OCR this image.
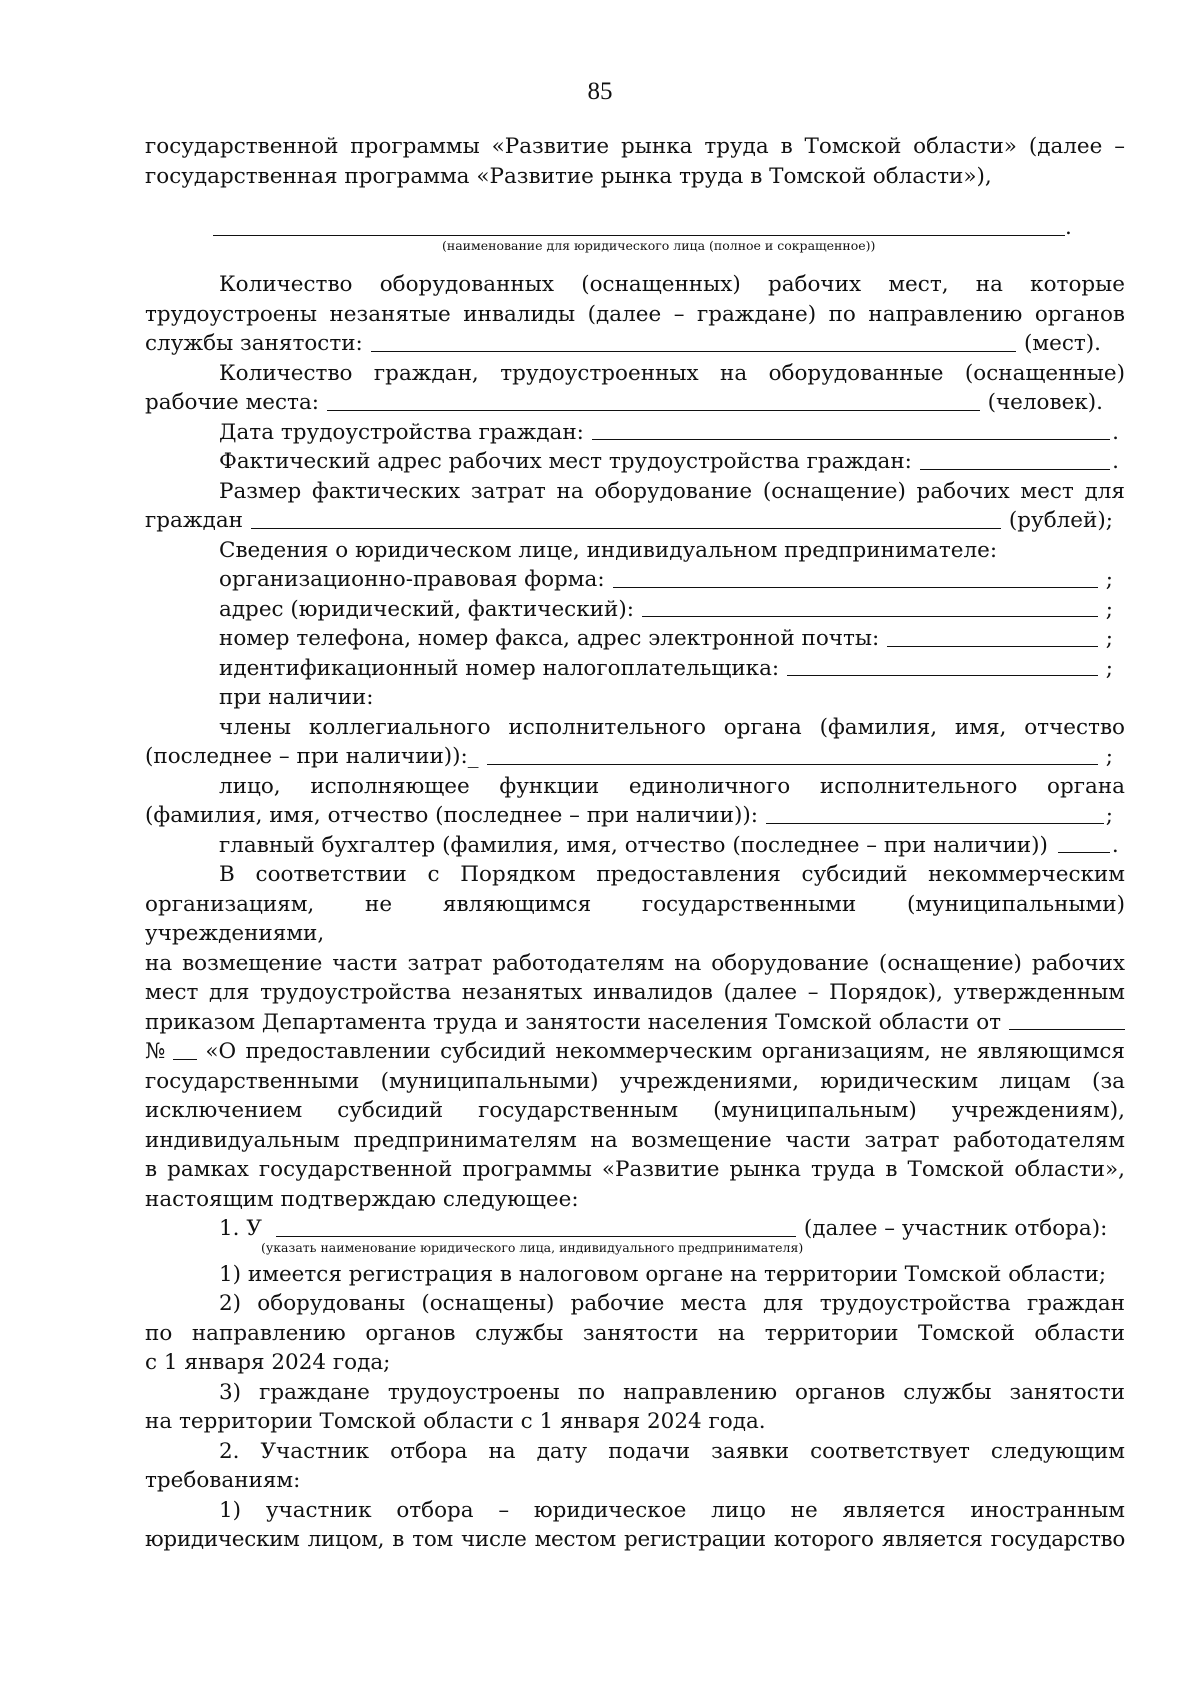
85

государственной программы «Развитие рынка труда в Томской области» (далее –

государственная программа «Развитие рынка труда в Томской области»),

.

(наименование для юридического лица (полное и сокращенное))

Количество оборудованных (оснащенных) рабочих мест, на которые

трудоустроены незанятые инвалиды (далее – граждане) по направлению органов

службы занятости:	(мест).

Количество граждан, трудоустроенных на оборудованные (оснащенные)

рабочие места:	(человек).
Дата трудоустройства граждан:	.
Фактический адрес рабочих мест трудоустройства граждан:	.

Размер фактических затрат на оборудование (оснащение) рабочих мест для

граждан	(рублей);

Сведения о юридическом лице, индивидуальном предпринимателе:

организационно-правовая форма:	;
адрес (юридический, фактический):	;
номер телефона, номер факса, адрес электронной почты:	;
идентификационный номер налогоплательщика:	;

при наличии:

члены коллегиального исполнительного органа (фамилия, имя, отчество

(последнее – при наличии)):_	;

лицо, исполняющее функции единоличного исполнительного органа

(фамилия, имя, отчество (последнее – при наличии)):	;
главный бухгалтер (фамилия, имя, отчество (последнее – при наличии))	.

В соответствии с Порядком предоставления субсидий некоммерческим

организациям, не являющимся государственными (муниципальными) учреждениями,

на возмещение части затрат работодателям на оборудование (оснащение) рабочих

мест для трудоустройства незанятых инвалидов (далее – Порядок), утвержденным

приказом Департамента труда и занятости населения Томской области от
№ «О предоставлении субсидий некоммерческим организациям, не являющимся

государственными (муниципальными) учреждениями, юридическим лицам (за

исключением субсидий государственным (муниципальным) учреждениям),

индивидуальным предпринимателям на возмещение части затрат работодателям

в рамках государственной программы «Развитие рынка труда в Томской области»,

настоящим подтверждаю следующее:

1. У	(далее – участник отбора):

(указать наименование юридического лица, индивидуального предпринимателя)

1) имеется регистрация в налоговом органе на территории Томской области;

2) оборудованы (оснащены) рабочие места для трудоустройства граждан

по направлению органов службы занятости на территории Томской области

с 1 января 2024 года;

3) граждане трудоустроены по направлению органов службы занятости

на территории Томской области с 1 января 2024 года.

2. Участник отбора на дату подачи заявки соответствует следующим

требованиям:

1) участник отбора – юридическое лицо не является иностранным

юридическим лицом, в том числе местом регистрации которого является государство
